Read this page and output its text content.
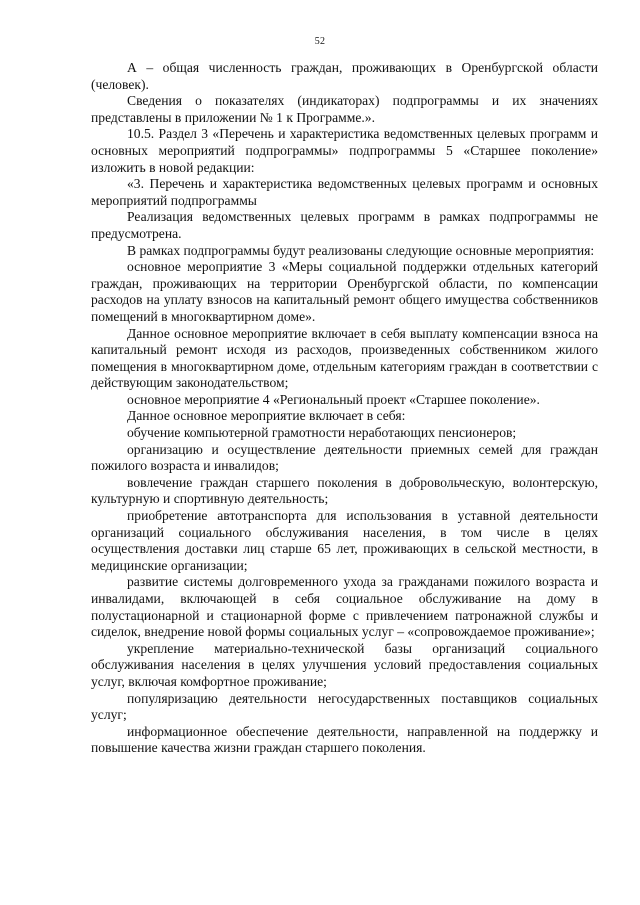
52

А – общая численность граждан, проживающих в Оренбургской области (человек).

Сведения о показателях (индикаторах) подпрограммы и их значениях представлены в приложении № 1 к Программе.».

10.5. Раздел 3 «Перечень и характеристика ведомственных целевых программ и основных мероприятий подпрограммы» подпрограммы 5 «Старшее поколение» изложить в новой редакции:

«3. Перечень и характеристика ведомственных целевых программ и основных мероприятий подпрограммы

Реализация ведомственных целевых программ в рамках подпрограммы не предусмотрена.

В рамках подпрограммы будут реализованы следующие основные мероприятия:

основное мероприятие 3 «Меры социальной поддержки отдельных категорий граждан, проживающих на территории Оренбургской области, по компенсации расходов на уплату взносов на капитальный ремонт общего имущества собственников помещений в многоквартирном доме».

Данное основное мероприятие включает в себя выплату компенсации взноса на капитальный ремонт исходя из расходов, произведенных собственником жилого помещения в многоквартирном доме, отдельным категориям граждан в соответствии с действующим законодательством;

основное мероприятие 4 «Региональный проект «Старшее поколение».

Данное основное мероприятие включает в себя:

обучение компьютерной грамотности неработающих пенсионеров;

организацию и осуществление деятельности приемных семей для граждан пожилого возраста и инвалидов;

вовлечение граждан старшего поколения в добровольческую, волонтерскую, культурную и спортивную деятельность;

приобретение автотранспорта для использования в уставной деятельности организаций социального обслуживания населения, в том числе в целях осуществления доставки лиц старше 65 лет, проживающих в сельской местности, в медицинские организации;

развитие системы долговременного ухода за гражданами пожилого возраста и инвалидами, включающей в себя социальное обслуживание на дому в полустационарной и стационарной форме с привлечением патронажной службы и сиделок, внедрение новой формы социальных услуг – «сопровождаемое проживание»;

укрепление материально-технической базы организаций социального обслуживания населения в целях улучшения условий предоставления социальных услуг, включая комфортное проживание;

популяризацию деятельности негосударственных поставщиков социальных услуг;

информационное обеспечение деятельности, направленной на поддержку и повышение качества жизни граждан старшего поколения.
